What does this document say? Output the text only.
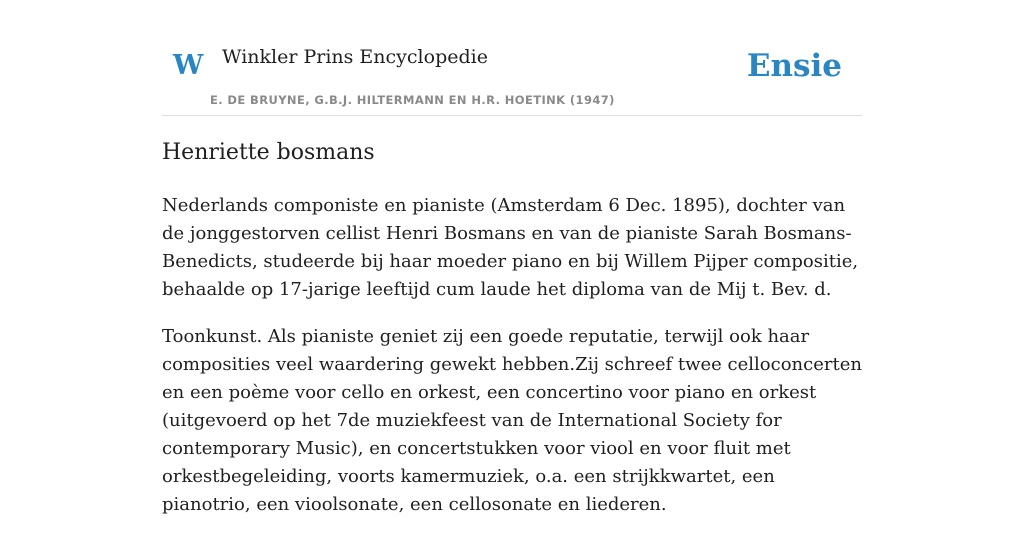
W Winkler Prins Encyclopedie
E. DE BRUYNE, G.B.J. HILTERMANN EN H.R. HOETINK (1947)
Ensie
Henriette bosmans

Nederlands componiste en pianiste (Amsterdam 6 Dec. 1895), dochter van de jonggestorven cellist Henri Bosmans en van de pianiste Sarah Bosmans-Benedicts, studeerde bij haar moeder piano en bij Willem Pijper compositie, behaalde op 17-jarige leeftijd cum laude het diploma van de Mij t. Bev. d.

Toonkunst. Als pianiste geniet zij een goede reputatie, terwijl ook haar composities veel waardering gewekt hebben.Zij schreef twee celloconcerten en een poème voor cello en orkest, een concertino voor piano en orkest (uitgevoerd op het 7de muziekfeest van de International Society for contemporary Music), en concertstukken voor viool en voor fluit met orkestbegeleiding, voorts kamermuziek, o.a. een strijkkwartet, een pianotrio, een vioolsonate, een cellosonate en liederen.
